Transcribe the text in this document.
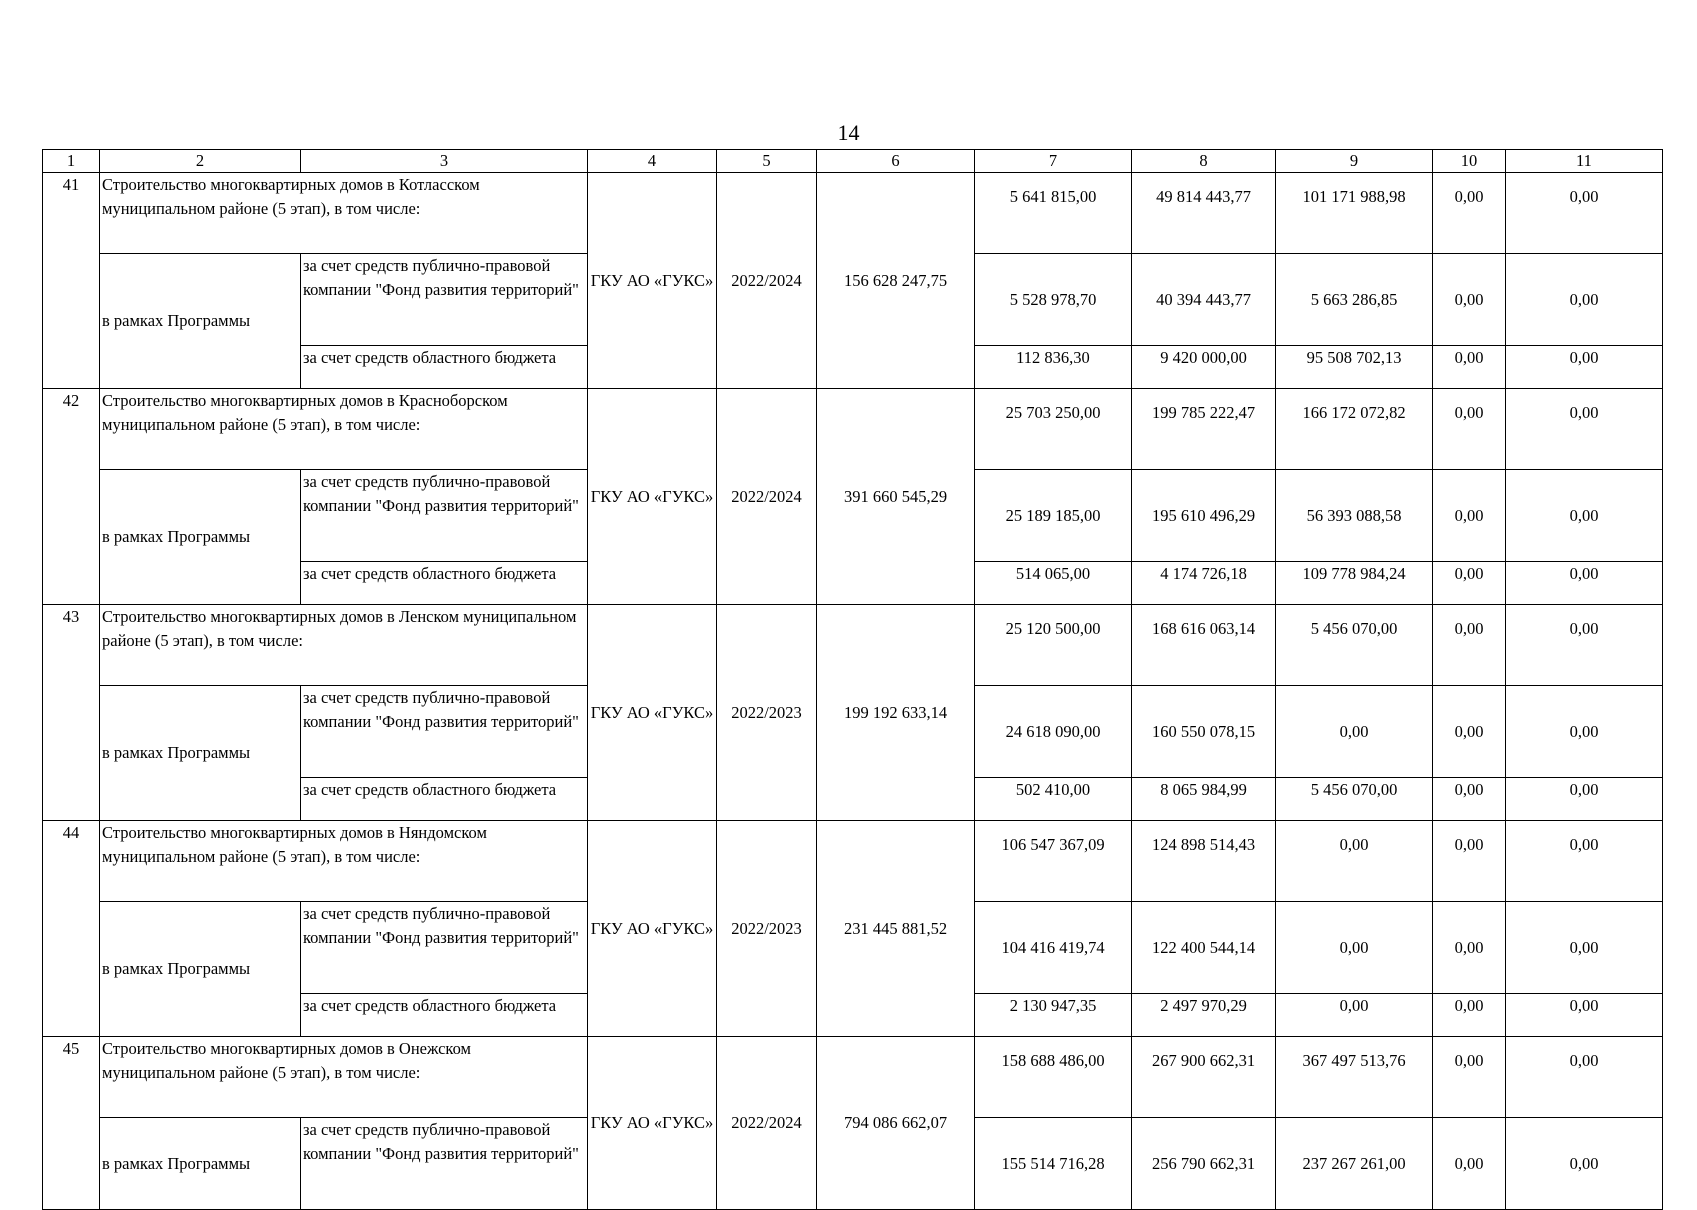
14
1	2	3	4	5	6	7	8	9	10	11
41	Строительство многоквартирных домов в Котласском муниципальном районе (5 этап), в том числе:		ГКУ АО «ГУКС»	2022/2024	156 628 247,75	5 641 815,00	49 814 443,77	101 171 988,98	0,00	0,00
	в рамках Программы	за счет средств публично-правовой компании "Фонд развития территорий"				5 528 978,70	40 394 443,77	5 663 286,85	0,00	0,00
		за счет средств областного бюджета				112 836,30	9 420 000,00	95 508 702,13	0,00	0,00
42	Строительство многоквартирных домов в Красноборском муниципальном районе (5 этап), в том числе:		ГКУ АО «ГУКС»	2022/2024	391 660 545,29	25 703 250,00	199 785 222,47	166 172 072,82	0,00	0,00
	в рамках Программы	за счет средств публично-правовой компании "Фонд развития территорий"				25 189 185,00	195 610 496,29	56 393 088,58	0,00	0,00
		за счет средств областного бюджета				514 065,00	4 174 726,18	109 778 984,24	0,00	0,00
43	Строительство многоквартирных домов в Ленском муниципальном районе (5 этап), в том числе:		ГКУ АО «ГУКС»	2022/2023	199 192 633,14	25 120 500,00	168 616 063,14	5 456 070,00	0,00	0,00
	в рамках Программы	за счет средств публично-правовой компании "Фонд развития территорий"				24 618 090,00	160 550 078,15	0,00	0,00	0,00
		за счет средств областного бюджета				502 410,00	8 065 984,99	5 456 070,00	0,00	0,00
44	Строительство многоквартирных домов в Няндомском муниципальном районе (5 этап), в том числе:		ГКУ АО «ГУКС»	2022/2023	231 445 881,52	106 547 367,09	124 898 514,43	0,00	0,00	0,00
	в рамках Программы	за счет средств публично-правовой компании "Фонд развития территорий"				104 416 419,74	122 400 544,14	0,00	0,00	0,00
		за счет средств областного бюджета				2 130 947,35	2 497 970,29	0,00	0,00	0,00
45	Строительство многоквартирных домов в Онежском муниципальном районе (5 этап), в том числе:		ГКУ АО «ГУКС»	2022/2024	794 086 662,07	158 688 486,00	267 900 662,31	367 497 513,76	0,00	0,00
	в рамках Программы	за счет средств публично-правовой компании "Фонд развития территорий"				155 514 716,28	256 790 662,31	237 267 261,00	0,00	0,00
